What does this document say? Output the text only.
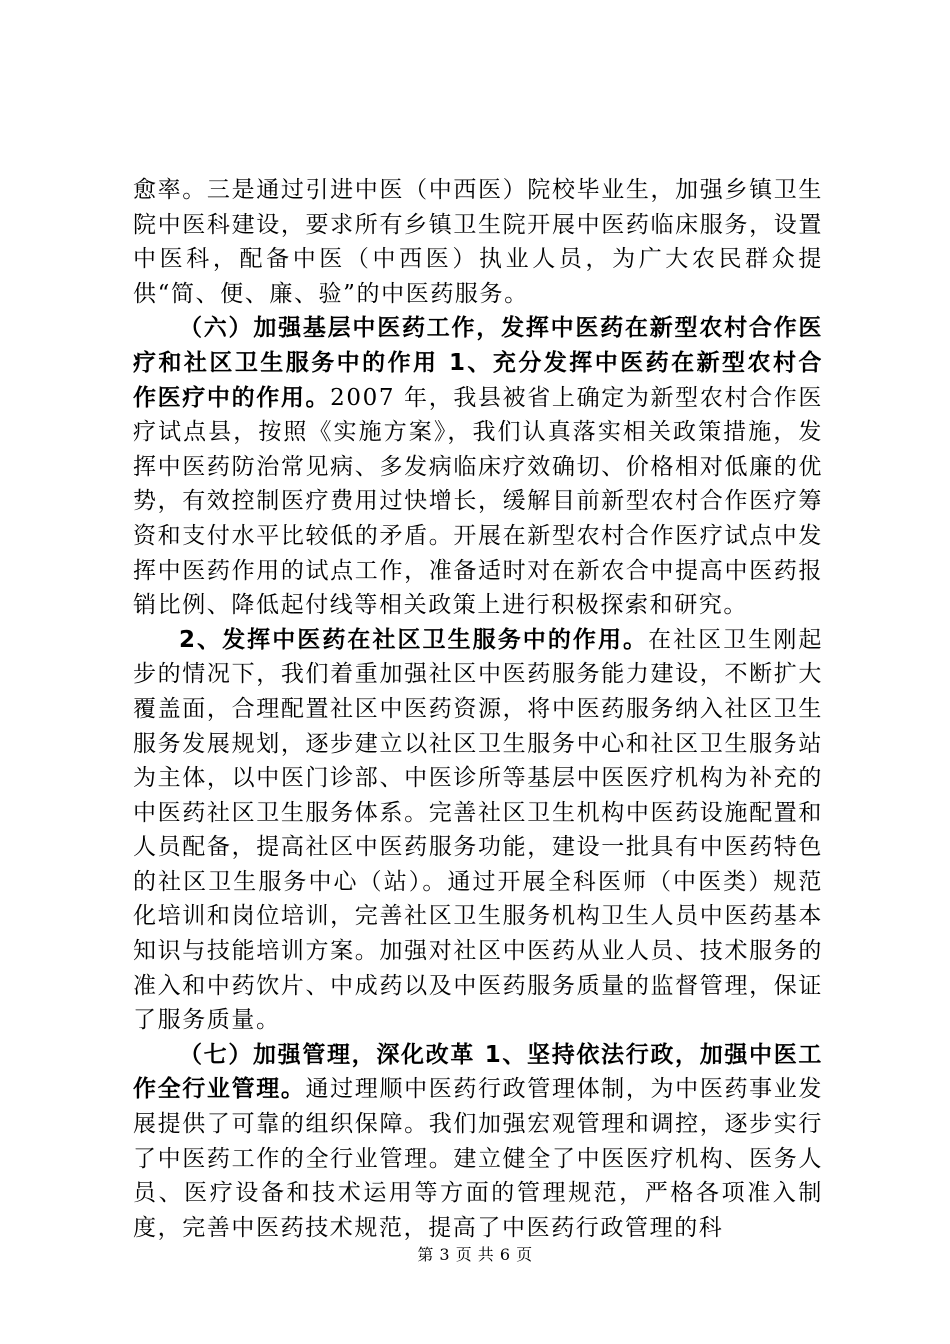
愈率。三是通过引进中医（中西医）院校毕业生，加强乡镇卫生院中医科建设，要求所有乡镇卫生院开展中医药临床服务，设置中医科，配备中医（中西医）执业人员，为广大农民群众提供“简、便、廉、验”的中医药服务。

（六）加强基层中医药工作，发挥中医药在新型农村合作医疗和社区卫生服务中的作用 1、充分发挥中医药在新型农村合作医疗中的作用。2007 年，我县被省上确定为新型农村合作医疗试点县，按照《实施方案》，我们认真落实相关政策措施，发挥中医药防治常见病、多发病临床疗效确切、价格相对低廉的优势，有效控制医疗费用过快增长，缓解目前新型农村合作医疗筹资和支付水平比较低的矛盾。开展在新型农村合作医疗试点中发挥中医药作用的试点工作，准备适时对在新农合中提高中医药报销比例、降低起付线等相关政策上进行积极探索和研究。

2、发挥中医药在社区卫生服务中的作用。在社区卫生刚起步的情况下，我们着重加强社区中医药服务能力建设，不断扩大覆盖面，合理配置社区中医药资源，将中医药服务纳入社区卫生服务发展规划，逐步建立以社区卫生服务中心和社区卫生服务站为主体，以中医门诊部、中医诊所等基层中医医疗机构为补充的中医药社区卫生服务体系。完善社区卫生机构中医药设施配置和人员配备，提高社区中医药服务功能，建设一批具有中医药特色的社区卫生服务中心（站）。通过开展全科医师（中医类）规范化培训和岗位培训，完善社区卫生服务机构卫生人员中医药基本知识与技能培训方案。加强对社区中医药从业人员、技术服务的准入和中药饮片、中成药以及中医药服务质量的监督管理，保证了服务质量。

（七）加强管理，深化改革 1、坚持依法行政，加强中医工作全行业管理。通过理顺中医药行政管理体制，为中医药事业发展提供了可靠的组织保障。我们加强宏观管理和调控，逐步实行了中医药工作的全行业管理。建立健全了中医医疗机构、医务人员、医疗设备和技术运用等方面的管理规范，严格各项准入制度，完善中医药技术规范，提高了中医药行政管理的科

第 3 页 共 6 页
